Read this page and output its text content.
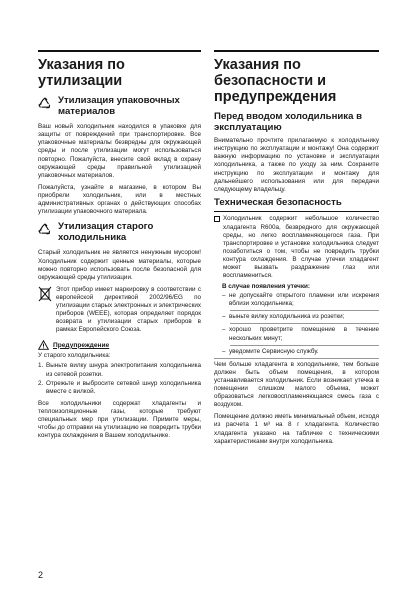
Указания по утилизации
Утилизация упаковочных материалов

Ваш новый холодильник находился в упаковке для защиты от повреждений при транспортировке. Все упаковочные материалы безвредны для окружающей среды и после утилизации могут использоваться повторно. Пожалуйста, внесите свой вклад в охрану окружающей среды правильной утилизацией упаковочных материалов.

Пожалуйста, узнайте в магазине, в котором Вы приобрели холодильник, или в местных административных органах о действующих способах утилизации упаковочного материала.

Утилизация старого холодильника

Старый холодильник не является ненужным мусором! Холодильник содержит ценные материалы, которые можно повторно использовать после безопасной для окружающей среды утилизации.

Этот прибор имеет маркировку в соответствии с европейской директивой 2002/96/EG по утилизации старых электронных и электрических приборов (WEEE), которая определяет порядок возврата и утилизации старых приборов в рамках Европейского Союза.

Предупреждение

У старого холодильника:

1. Выньте вилку шнура электропитания холодильника из сетевой розетки.
2. Отрежьте и выбросите сетевой шнур холодильника вместе с вилкой.

Все холодильники содержат хладагенты и теплоизоляционные газы, которые требуют специальных мер при утилизации. Примите меры, чтобы до отправки на утилизацию не повредить трубки контура охлаждения в Вашем холодильнике.

Указания по безопасности и предупреждения
Перед вводом холодильника в эксплуатацию

Внимательно прочтите прилагаемую к холодильнику инструкцию по эксплуатации и монтажу! Она содержит важную информацию по установке и эксплуатации холодильника, а также по уходу за ним. Сохраните инструкцию по эксплуатации и монтажу для дальнейшего использования или для передачи следующему владельцу.

Техническая безопасность

Холодильник содержит небольшое количество хладагента R600a, безвредного для окружающей среды, но легко воспламеняющегося газа. При транспортировке и установке холодильника следует позаботиться о том, чтобы не повредить трубки контура охлаждения. В случае утечки хладагент может вызвать раздражение глаз или воспламениться.

В случае появления утечки:
– не допускайте открытого пламени или искрения вблизи холодильника;
– выньте вилку холодильника из розетки;
– хорошо проветрите помещение в течение нескольких минут;
– уведомите Сервисную службу.

Чем больше хладагента в холодильнике, тем больше должен быть объем помещения, в котором устанавливается холодильник. Если возникает утечка в помещении слишком малого объема, может образоваться легковоспламеняющаяся смесь газа с воздухом.

Помещение должно иметь минимальный объем, исходя из расчета 1 м³ на 8 г хладагента. Количество хладагента указано на табличке с техническими характеристиками внутри холодильника.

2
